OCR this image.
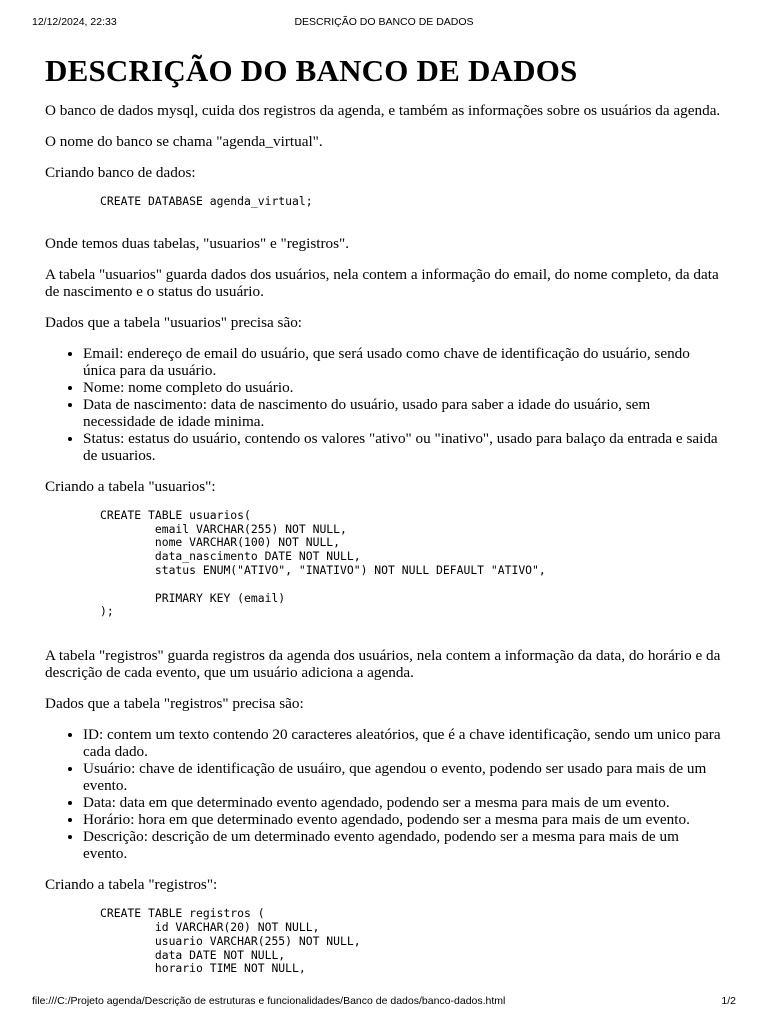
12/12/2024, 22:33	DESCRIÇÃO DO BANCO DE DADOS
DESCRIÇÃO DO BANCO DE DADOS

O banco de dados mysql, cuida dos registros da agenda, e também as informações sobre os usuários da agenda.

O nome do banco se chama "agenda_virtual".

Criando banco de dados:

CREATE DATABASE agenda_virtual;

Onde temos duas tabelas, "usuarios" e "registros".

A tabela "usuarios" guarda dados dos usuários, nela contem a informação do email, do nome completo, da data de nascimento e o status do usuário.

Dados que a tabela "usuarios" precisa são:

• Email: endereço de email do usuário, que será usado como chave de identificação do usuário, sendo única para da usuário.
• Nome: nome completo do usuário.
• Data de nascimento: data de nascimento do usuário, usado para saber a idade do usuário, sem necessidade de idade minima.
• Status: estatus do usuário, contendo os valores "ativo" ou "inativo", usado para balaço da entrada e saida de usuarios.

Criando a tabela "usuarios":

CREATE TABLE usuarios(
email VARCHAR(255) NOT NULL,
nome VARCHAR(100) NOT NULL,
data_nascimento DATE NOT NULL,
status ENUM("ATIVO", "INATIVO") NOT NULL DEFAULT "ATIVO",

PRIMARY KEY (email)
);

A tabela "registros" guarda registros da agenda dos usuários, nela contem a informação da data, do horário e da descrição de cada evento, que um usuário adiciona a agenda.

Dados que a tabela "registros" precisa são:

• ID: contem um texto contendo 20 caracteres aleatórios, que é a chave identificação, sendo um unico para cada dado.
• Usuário: chave de identificação de usuáiro, que agendou o evento, podendo ser usado para mais de um evento.
• Data: data em que determinado evento agendado, podendo ser a mesma para mais de um evento.
• Horário: hora em que determinado evento agendado, podendo ser a mesma para mais de um evento.
• Descrição: descrição de um determinado evento agendado, podendo ser a mesma para mais de um evento.

Criando a tabela "registros":

CREATE TABLE registros (
id VARCHAR(20) NOT NULL,
usuario VARCHAR(255) NOT NULL,
data DATE NOT NULL,
horario TIME NOT NULL,
file:///C:/Projeto agenda/Descrição de estruturas e funcionalidades/Banco de dados/banco-dados.html	1/2
